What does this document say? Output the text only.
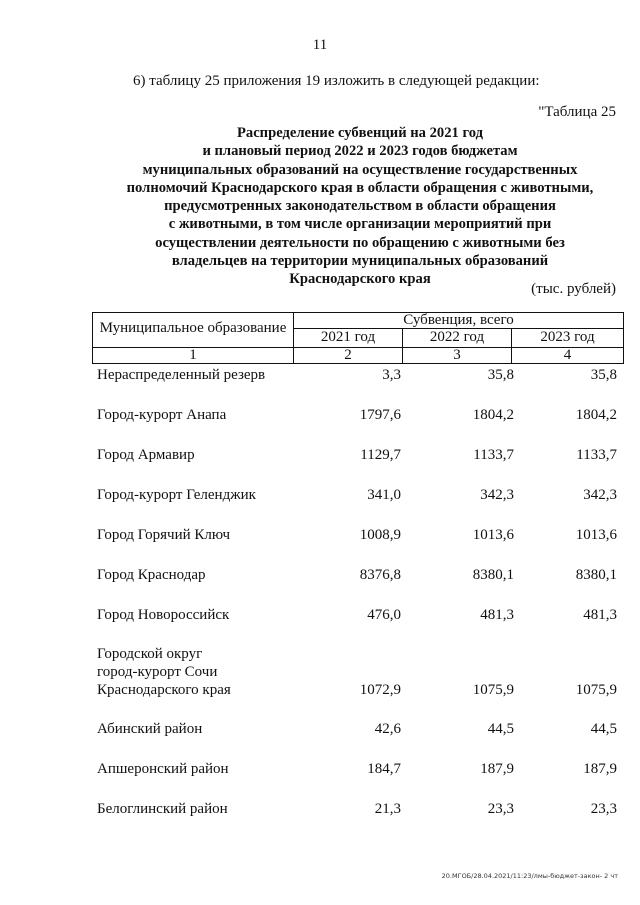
11
6) таблицу 25 приложения 19 изложить в следующей редакции:
"Таблица 25
Распределение субвенций на 2021 год
и плановый период 2022 и 2023 годов бюджетам
муниципальных образований на осуществление государственных
полномочий Краснодарского края в области обращения с животными,
предусмотренных законодательством в области обращения
с животными, в том числе организации мероприятий при
осуществлении деятельности по обращению с животными без
владельцев на территории муниципальных образований
Краснодарского края
(тыс. рублей)
Муниципальное образование	Субвенция, всего
2021 год	2022 год	2023 год
1	2	3	4
Нераспределенный резерв	3,3	35,8	35,8
Город-курорт Анапа	1797,6	1804,2	1804,2
Город Армавир	1129,7	1133,7	1133,7
Город-курорт Геленджик	341,0	342,3	342,3
Город Горячий Ключ	1008,9	1013,6	1013,6
Город Краснодар	8376,8	8380,1	8380,1
Город Новороссийск	476,0	481,3	481,3
Городской округ
город-курорт Сочи
Краснодарского края	1072,9	1075,9	1075,9
Абинский район	42,6	44,5	44,5
Апшеронский район	184,7	187,9	187,9
Белоглинский район	21,3	23,3	23,3
20.МГОБ/28.04.2021/11:23/лмы-бюджет-закон- 2 чт
